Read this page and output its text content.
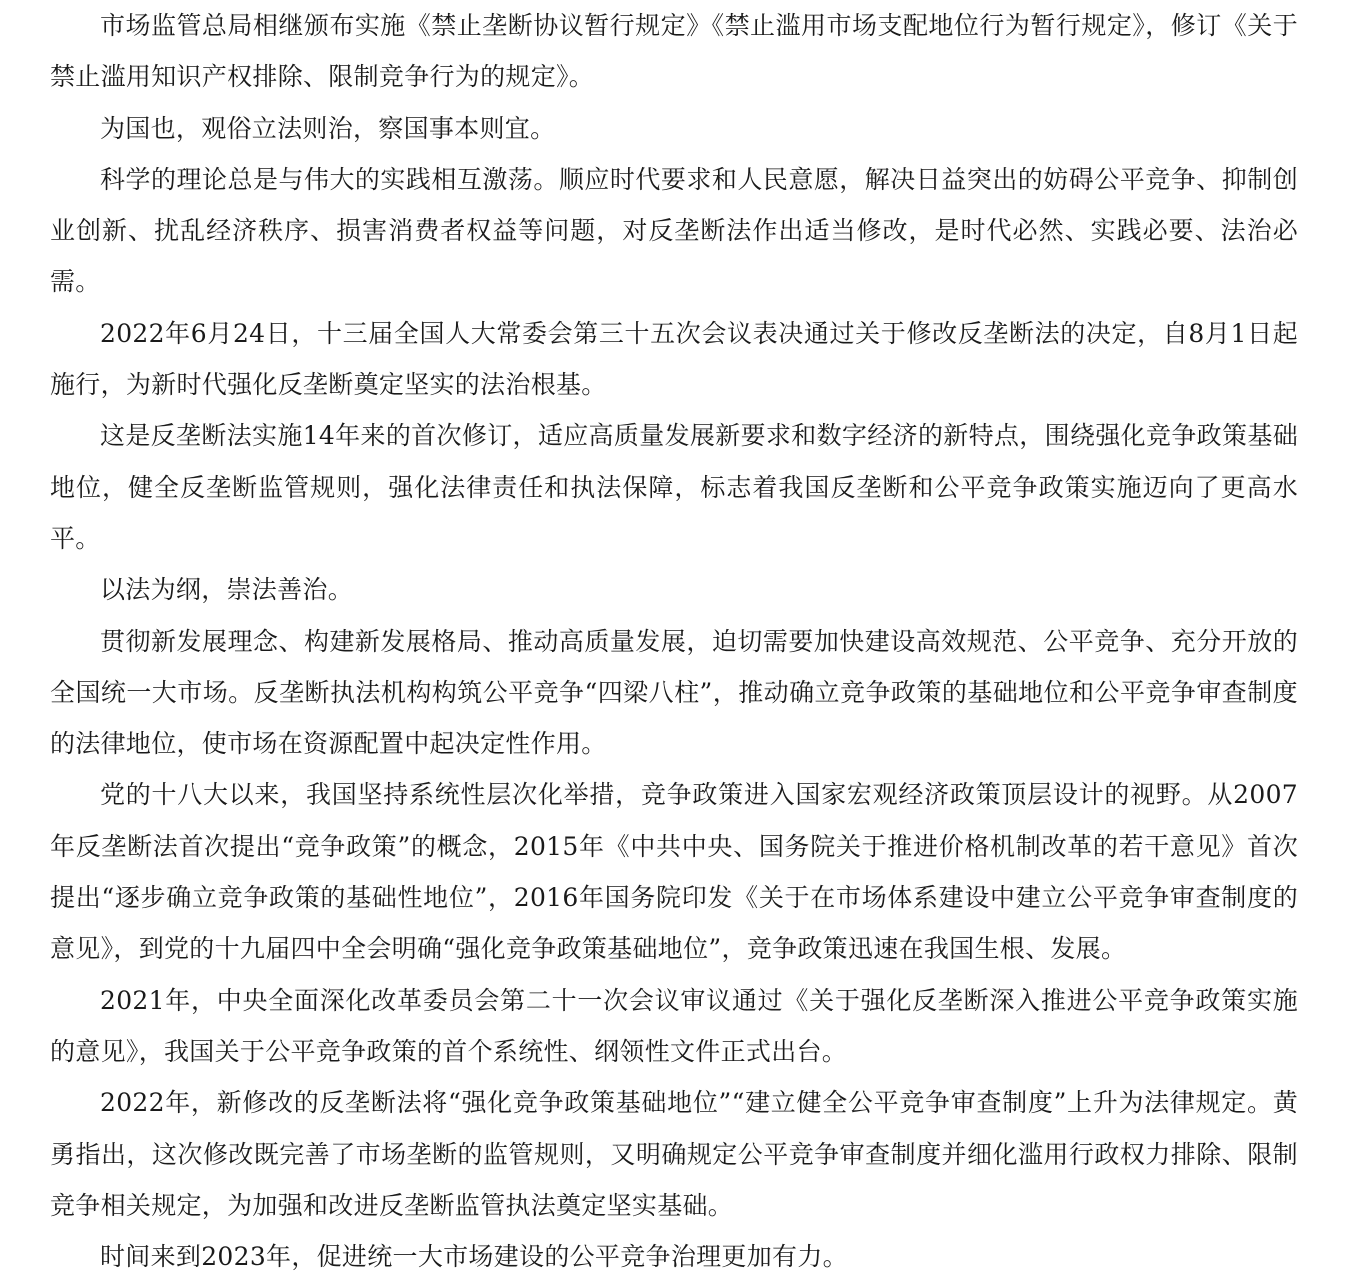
市场监管总局相继颁布实施《禁止垄断协议暂行规定》《禁止滥用市场支配地位行为暂行规定》，修订《关于禁止滥用知识产权排除、限制竞争行为的规定》。

为国也，观俗立法则治，察国事本则宜。

科学的理论总是与伟大的实践相互激荡。顺应时代要求和人民意愿，解决日益突出的妨碍公平竞争、抑制创业创新、扰乱经济秩序、损害消费者权益等问题，对反垄断法作出适当修改，是时代必然、实践必要、法治必需。

2022年6月24日，十三届全国人大常委会第三十五次会议表决通过关于修改反垄断法的决定，自8月1日起施行，为新时代强化反垄断奠定坚实的法治根基。

这是反垄断法实施14年来的首次修订，适应高质量发展新要求和数字经济的新特点，围绕强化竞争政策基础地位，健全反垄断监管规则，强化法律责任和执法保障，标志着我国反垄断和公平竞争政策实施迈向了更高水平。

以法为纲，崇法善治。

贯彻新发展理念、构建新发展格局、推动高质量发展，迫切需要加快建设高效规范、公平竞争、充分开放的全国统一大市场。反垄断执法机构构筑公平竞争“四梁八柱”，推动确立竞争政策的基础地位和公平竞争审查制度的法律地位，使市场在资源配置中起决定性作用。

党的十八大以来，我国坚持系统性层次化举措，竞争政策进入国家宏观经济政策顶层设计的视野。从2007年反垄断法首次提出“竞争政策”的概念，2015年《中共中央、国务院关于推进价格机制改革的若干意见》首次提出“逐步确立竞争政策的基础性地位”，2016年国务院印发《关于在市场体系建设中建立公平竞争审查制度的意见》，到党的十九届四中全会明确“强化竞争政策基础地位”，竞争政策迅速在我国生根、发展。

2021年，中央全面深化改革委员会第二十一次会议审议通过《关于强化反垄断深入推进公平竞争政策实施的意见》，我国关于公平竞争政策的首个系统性、纲领性文件正式出台。

2022年，新修改的反垄断法将“强化竞争政策基础地位”“建立健全公平竞争审查制度”上升为法律规定。黄勇指出，这次修改既完善了市场垄断的监管规则，又明确规定公平竞争审查制度并细化滥用行政权力排除、限制竞争相关规定，为加强和改进反垄断监管执法奠定坚实基础。

时间来到2023年，促进统一大市场建设的公平竞争治理更加有力。
